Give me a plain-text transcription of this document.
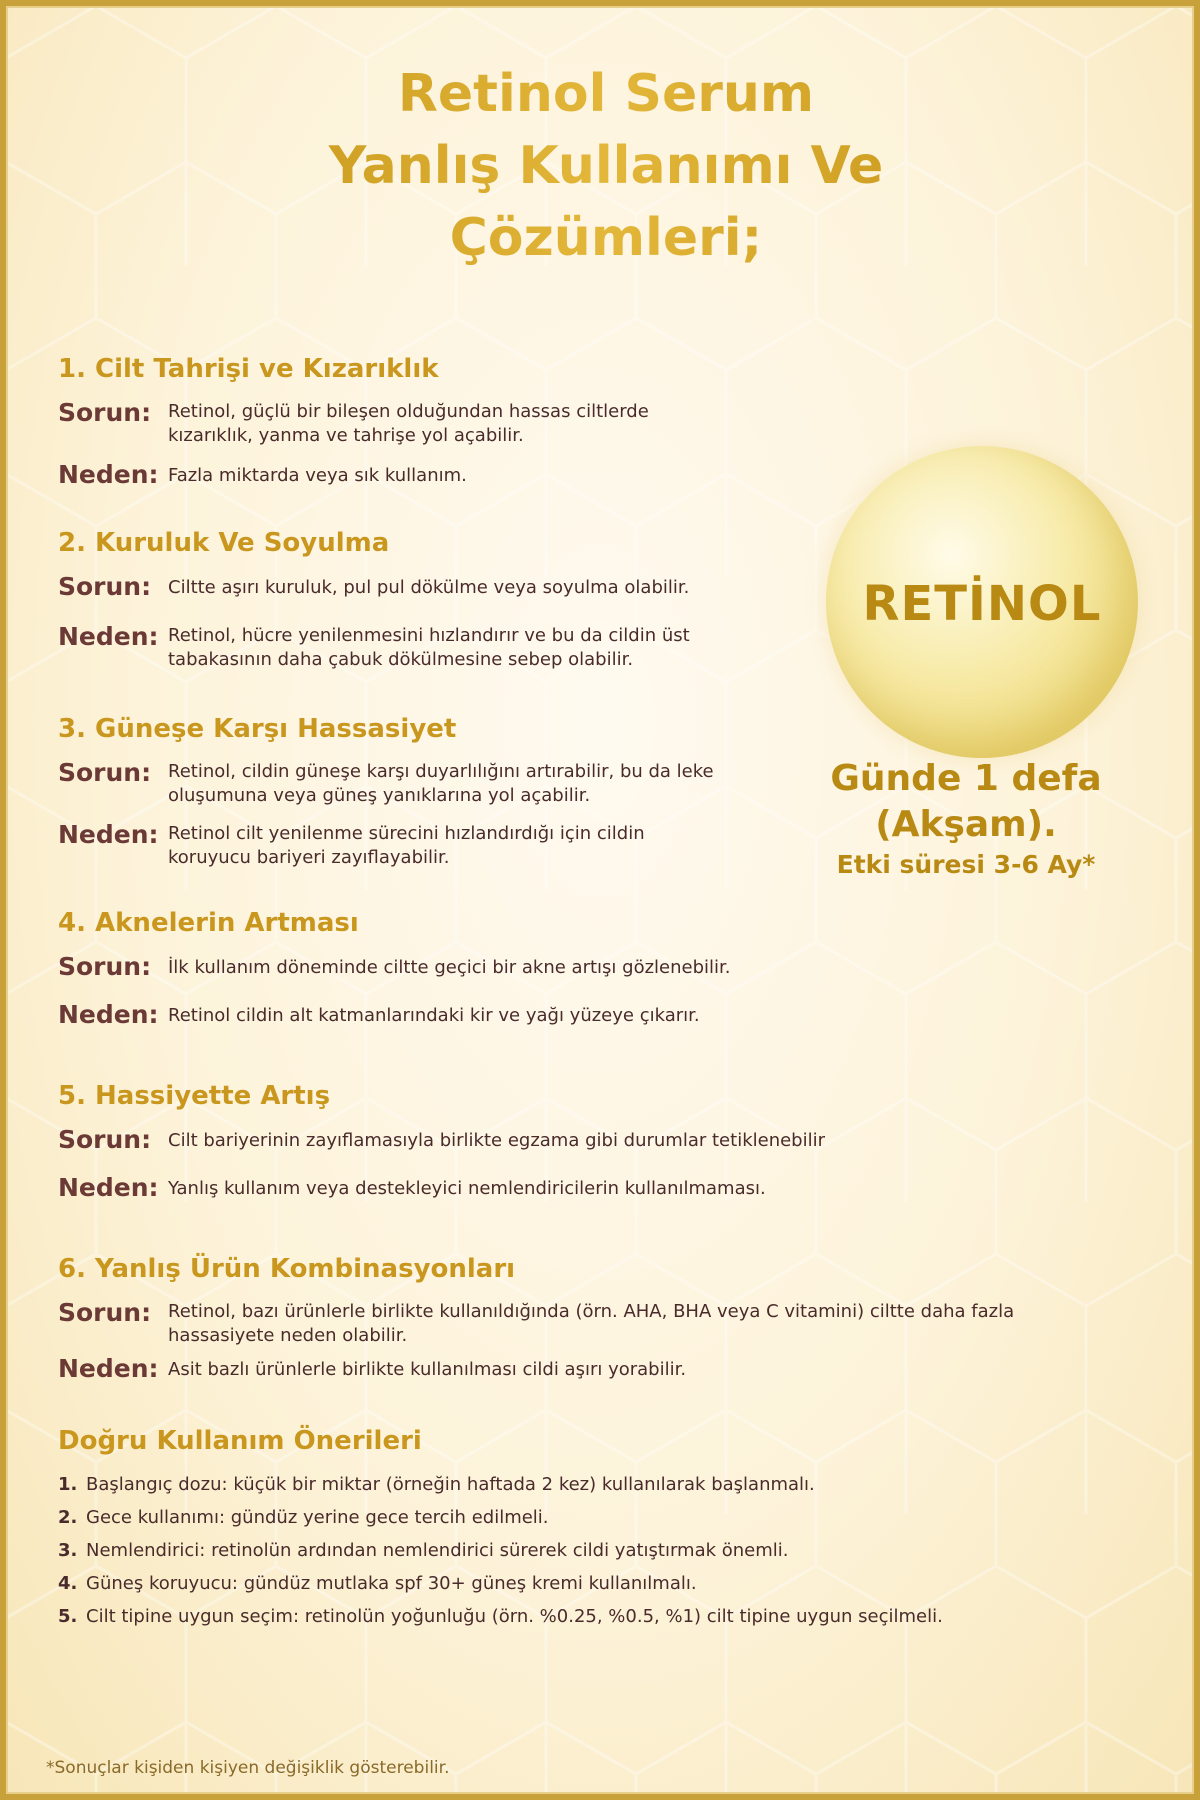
Retinol Serum
Yanlış Kullanımı Ve
Çözümleri;
1. Cilt Tahrişi ve Kızarıklık
Sorun: Retinol, güçlü bir bileşen olduğundan hassas ciltlerde kızarıklık, yanma ve tahrişe yol açabilir.
Neden: Fazla miktarda veya sık kullanım.
2. Kuruluk Ve Soyulma
Sorun: Ciltte aşırı kuruluk, pul pul dökülme veya soyulma olabilir.
Neden: Retinol, hücre yenilenmesini hızlandırır ve bu da cildin üst tabakasının daha çabuk dökülmesine sebep olabilir.
3. Güneşe Karşı Hassasiyet
Sorun: Retinol, cildin güneşe karşı duyarlılığını artırabilir, bu da leke oluşumuna veya güneş yanıklarına yol açabilir.
Neden: Retinol cilt yenilenme sürecini hızlandırdığı için cildin koruyucu bariyeri zayıflayabilir.
4. Aknelerin Artması
Sorun: İlk kullanım döneminde ciltte geçici bir akne artışı gözlenebilir.
Neden: Retinol cildin alt katmanlarındaki kir ve yağı yüzeye çıkarır.
5. Hassiyette Artış
Sorun: Cilt bariyerinin zayıflamasıyla birlikte egzama gibi durumlar tetiklenebilir
Neden: Yanlış kullanım veya destekleyici nemlendiricilerin kullanılmaması.
6. Yanlış Ürün Kombinasyonları
Sorun: Retinol, bazı ürünlerle birlikte kullanıldığında (örn. AHA, BHA veya C vitamini) ciltte daha fazla hassasiyete neden olabilir.
Neden: Asit bazlı ürünlerle birlikte kullanılması cildi aşırı yorabilir.
RETİNOL
Günde 1 defa
(Akşam).
Etki süresi 3-6 Ay*
Doğru Kullanım Önerileri
1. Başlangıç dozu: küçük bir miktar (örneğin haftada 2 kez) kullanılarak başlanmalı.
2. Gece kullanımı: gündüz yerine gece tercih edilmeli.
3. Nemlendirici: retinolün ardından nemlendirici sürerek cildi yatıştırmak önemli.
4. Güneş koruyucu: gündüz mutlaka spf 30+ güneş kremi kullanılmalı.
5. Cilt tipine uygun seçim: retinolün yoğunluğu (örn. %0.25, %0.5, %1) cilt tipine uygun seçilmeli.
*Sonuçlar kişiden kişiyen değişiklik gösterebilir.
